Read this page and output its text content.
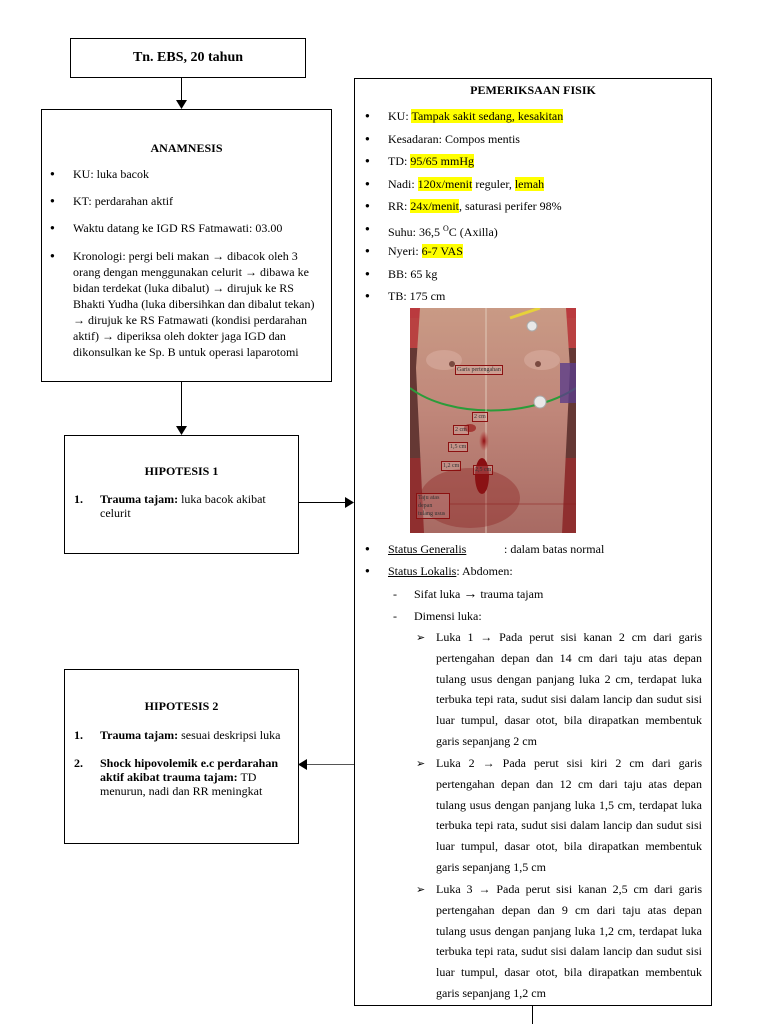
Tn. EBS, 20 tahun
ANAMNESIS
● KU: luka bacok
● KT: perdarahan aktif
● Waktu datang ke IGD RS Fatmawati: 03.00
● Kronologi: pergi beli makan → dibacok oleh 3 orang dengan menggunakan celurit → dibawa ke bidan terdekat (luka dibalut) → dirujuk ke RS Bhakti Yudha (luka dibersihkan dan dibalut tekan) → dirujuk ke RS Fatmawati (kondisi perdarahan aktif) → diperiksa oleh dokter jaga IGD dan dikonsulkan ke Sp. B untuk operasi laparotomi
HIPOTESIS 1
1. Trauma tajam: luka bacok akibat celurit
HIPOTESIS 2
1. Trauma tajam: sesuai deskripsi luka
2. Shock hipovolemik e.c perdarahan aktif akibat trauma tajam: TD menurun, nadi dan RR meningkat
PEMERIKSAAN FISIK
● KU: Tampak sakit sedang, kesakitan
● Kesadaran: Compos mentis
● TD: 95/65 mmHg
● Nadi: 120x/menit reguler, lemah
● RR: 24x/menit, saturasi perifer 98%
● Suhu: 36,5 $^O$C (Axilla)
● Nyeri: 6-7 VAS
● BB: 65 kg
● TB: 175 cm
Garis pertengahan
2 cm
2 cm
1,5 cm
1,2 cm
2,5 cm
Taju atas depan tulang usus
● Status Generalis	: dalam batas normal
● Status Lokalis: Abdomen:
- Sifat luka → trauma tajam
- Dimensi luka:
➢ Luka 1 → Pada perut sisi kanan 2 cm dari garis pertengahan depan dan 14 cm dari taju atas depan tulang usus dengan panjang luka 2 cm, terdapat luka terbuka tepi rata, sudut sisi dalam lancip dan sudut sisi luar tumpul, dasar otot, bila dirapatkan membentuk garis sepanjang 2 cm
➢ Luka 2 → Pada perut sisi kiri 2 cm dari garis pertengahan depan dan 12 cm dari taju atas depan tulang usus dengan panjang luka 1,5 cm, terdapat luka terbuka tepi rata, sudut sisi dalam lancip dan sudut sisi luar tumpul, dasar otot, bila dirapatkan membentuk garis sepanjang 1,5 cm
➢ Luka 3 → Pada perut sisi kanan 2,5 cm dari garis pertengahan depan dan 9 cm dari taju atas depan tulang usus dengan panjang luka 1,2 cm, terdapat luka terbuka tepi rata, sudut sisi dalam lancip dan sudut sisi luar tumpul, dasar otot, bila dirapatkan membentuk garis sepanjang 1,2 cm
